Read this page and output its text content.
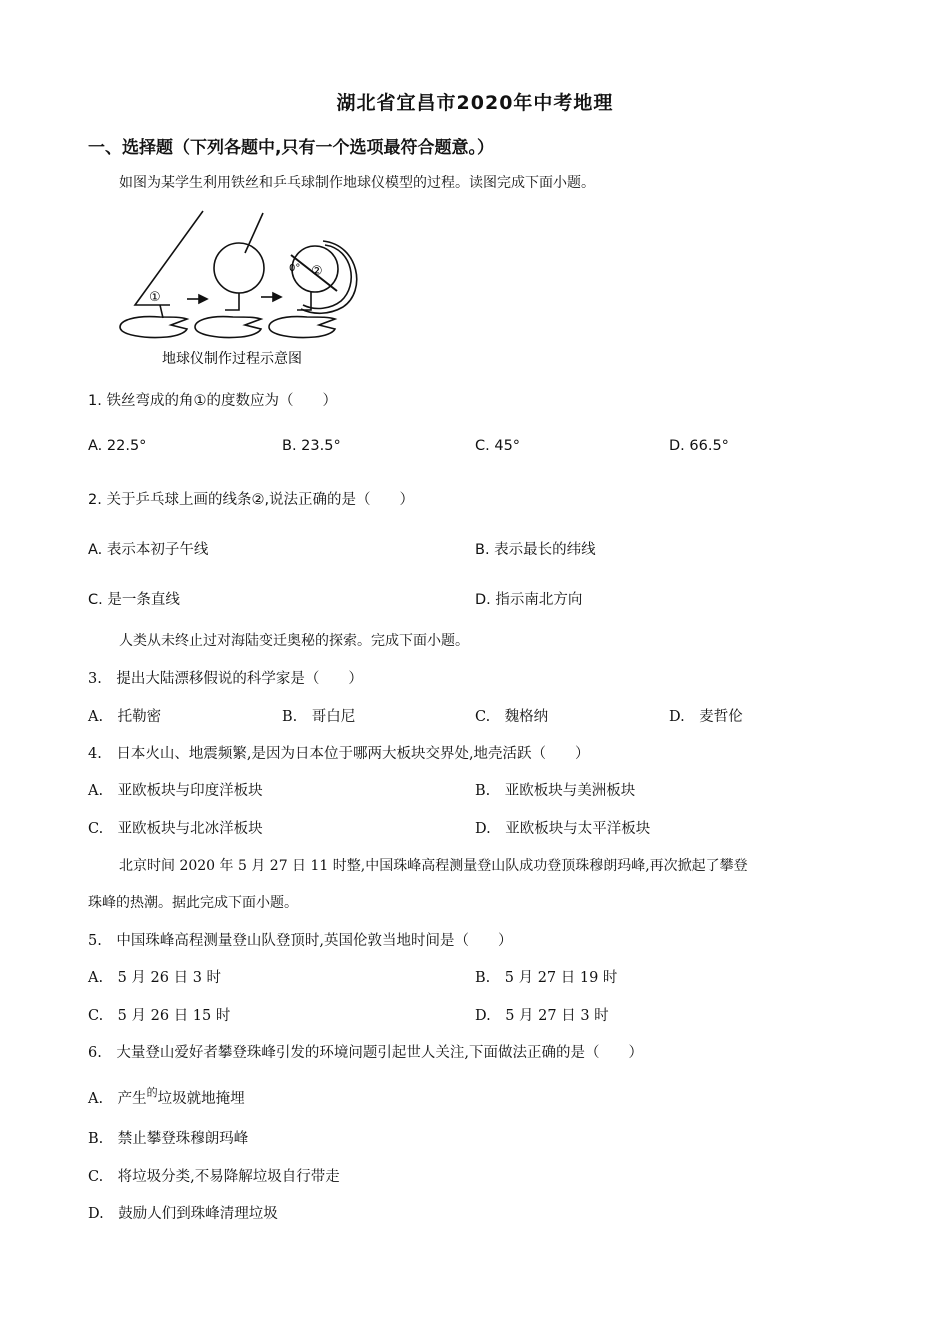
湖北省宜昌市2020年中考地理
一、选择题（下列各题中,只有一个选项最符合题意。）
如图为某学生利用铁丝和乒乓球制作地球仪模型的过程。读图完成下面小题。
①
②
0°
地球仪制作过程示意图
1. 铁丝弯成的角①的度数应为（　　）
A. 22.5°	B. 23.5°	C. 45°	D. 66.5°
2. 关于乒乓球上画的线条②,说法正确的是（　　）
A. 表示本初子午线	B. 表示最长的纬线
C. 是一条直线	D. 指示南北方向
人类从未终止过对海陆变迁奥秘的探索。完成下面小题。
3.　提出大陆漂移假说的科学家是（　　）
A.　托勒密	B.　哥白尼	C.　魏格纳	D.　麦哲伦
4.　日本火山、地震频繁,是因为日本位于哪两大板块交界处,地壳活跃（　　）
A.　亚欧板块与印度洋板块	B.　亚欧板块与美洲板块
C.　亚欧板块与北冰洋板块	D.　亚欧板块与太平洋板块
北京时间 2020 年 5 月 27 日 11 时整,中国珠峰高程测量登山队成功登顶珠穆朗玛峰,再次掀起了攀登
珠峰的热潮。据此完成下面小题。
5.　中国珠峰高程测量登山队登顶时,英国伦敦当地时间是（　　）
A.　5 月 26 日 3 时	B.　5 月 27 日 19 时
C.　5 月 26 日 15 时	D.　5 月 27 日 3 时
6.　大量登山爱好者攀登珠峰引发的环境问题引起世人关注,下面做法正确的是（　　）
A.　产生$^的$垃圾就地掩埋
B.　禁止攀登珠穆朗玛峰
C.　将垃圾分类,不易降解垃圾自行带走
D.　鼓励人们到珠峰清理垃圾
